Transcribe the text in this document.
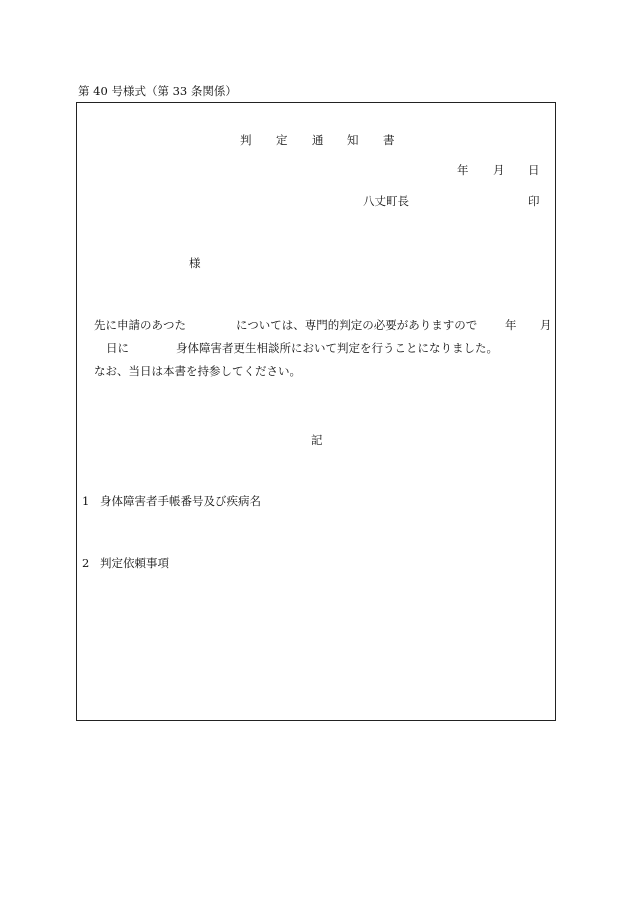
第 40 号様式（第 33 条関係）
判 定 通 知 書
年 月 日
八丈町長	印
様
先に申請のあつた	については、専門的判定の必要がありますので 年 月
日に	身体障害者更生相談所において判定を行うことになりました。
なお、当日は本書を持参してください。
記
1 身体障害者手帳番号及び疾病名
2 判定依頼事項
